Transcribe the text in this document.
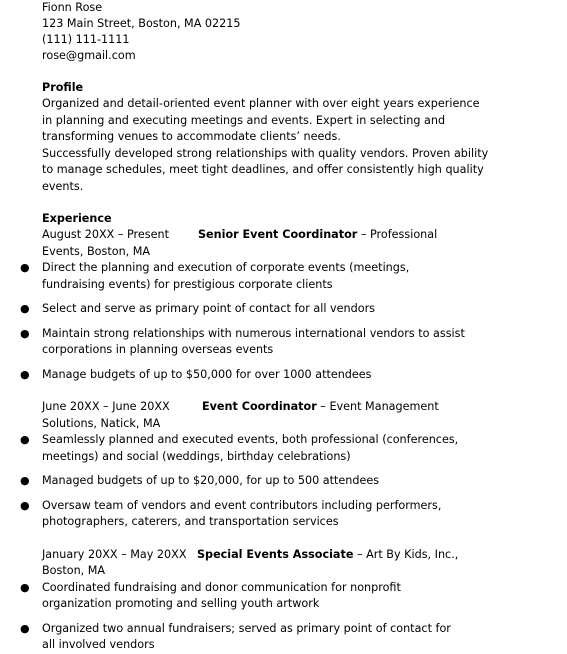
Fionn Rose
123 Main Street, Boston, MA 02215
(111) 111-1111
rose@gmail.com
Profile
Organized and detail-oriented event planner with over eight years experience in planning and executing meetings and events. Expert in selecting and transforming venues to accommodate clients’ needs.
Successfully developed strong relationships with quality vendors. Proven ability to manage schedules, meet tight deadlines, and offer consistently high quality events.
Experience
August 20XX – Present	Senior Event Coordinator – Professional Events, Boston, MA
● Direct the planning and execution of corporate events (meetings, fundraising events) for prestigious corporate clients
● Select and serve as primary point of contact for all vendors
● Maintain strong relationships with numerous international vendors to assist corporations in planning overseas events
● Manage budgets of up to $50,000 for over 1000 attendees
June 20XX – June 20XX	Event Coordinator – Event Management Solutions, Natick, MA
● Seamlessly planned and executed events, both professional (conferences, meetings) and social (weddings, birthday celebrations)
● Managed budgets of up to $20,000, for up to 500 attendees
● Oversaw team of vendors and event contributors including performers, photographers, caterers, and transportation services
January 20XX – May 20XX Special Events Associate – Art By Kids, Inc., Boston, MA
● Coordinated fundraising and donor communication for nonprofit organization promoting and selling youth artwork
● Organized two annual fundraisers; served as primary point of contact for all involved vendors
